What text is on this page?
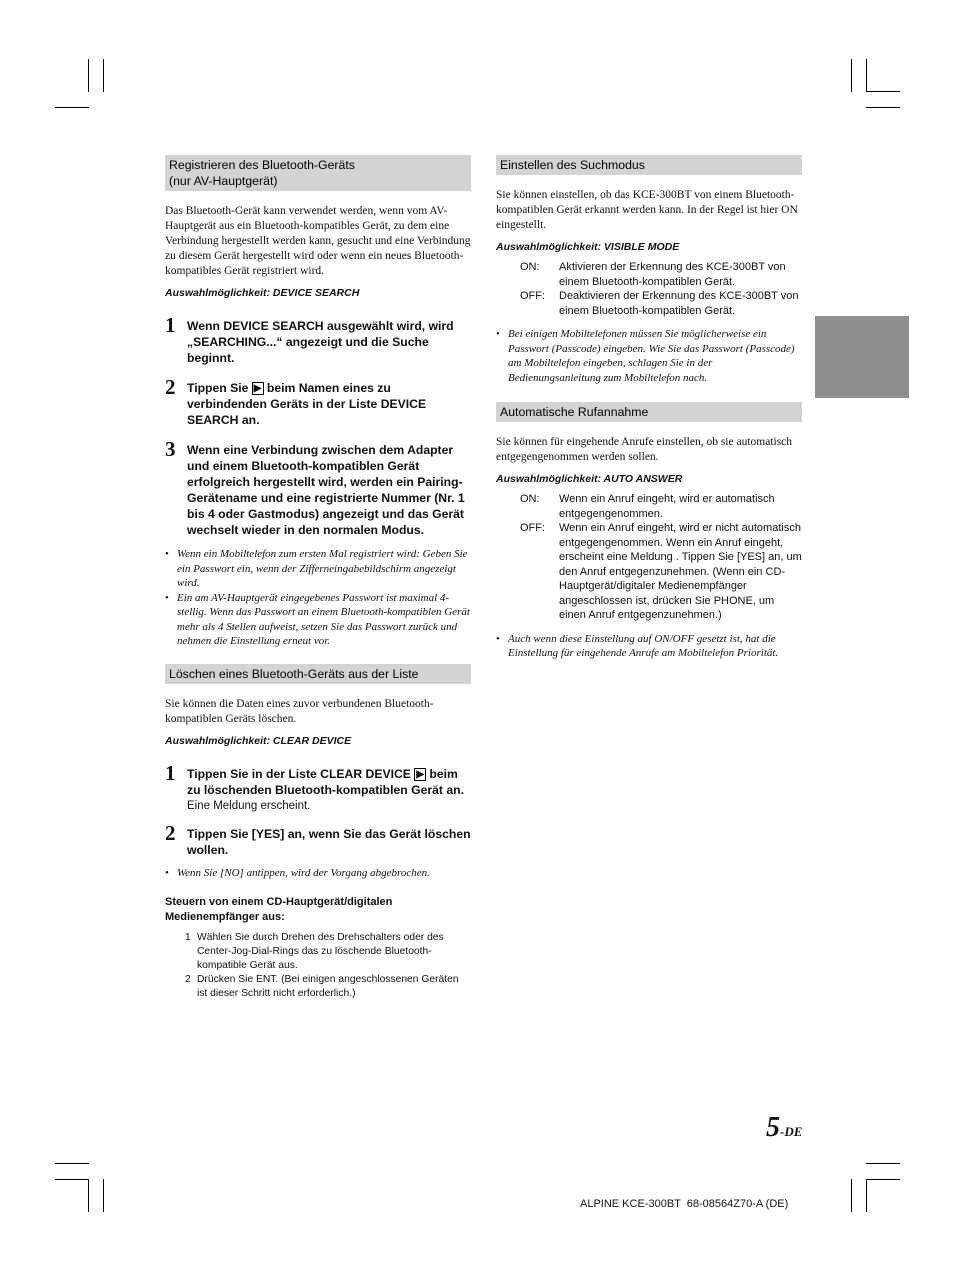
Registrieren des Bluetooth-Geräts
(nur AV-Hauptgerät)
Das Bluetooth-Gerät kann verwendet werden, wenn vom AV-Hauptgerät aus ein Bluetooth-kompatibles Gerät, zu dem eine Verbindung hergestellt werden kann, gesucht und eine Verbindung zu diesem Gerät hergestellt wird oder wenn ein neues Bluetooth-kompatibles Gerät registriert wird.
Auswahlmöglichkeit: DEVICE SEARCH
1 Wenn DEVICE SEARCH ausgewählt wird, wird „SEARCHING...“ angezeigt und die Suche beginnt.
2 Tippen Sie ▶ beim Namen eines zu verbindenden Geräts in der Liste DEVICE SEARCH an.
3 Wenn eine Verbindung zwischen dem Adapter und einem Bluetooth-kompatiblen Gerät erfolgreich hergestellt wird, werden ein Pairing-Gerätename und eine registrierte Nummer (Nr. 1 bis 4 oder Gastmodus) angezeigt und das Gerät wechselt wieder in den normalen Modus.
• Wenn ein Mobiltelefon zum ersten Mal registriert wird: Geben Sie ein Passwort ein, wenn der Zifferneingabebildschirm angezeigt wird.
• Ein am AV-Hauptgerät eingegebenes Passwort ist maximal 4-stellig. Wenn das Passwort an einem Bluetooth-kompatiblen Gerät mehr als 4 Stellen aufweist, setzen Sie das Passwort zurück und nehmen die Einstellung erneut vor.
Löschen eines Bluetooth-Geräts aus der Liste
Sie können die Daten eines zuvor verbundenen Bluetooth-kompatiblen Geräts löschen.
Auswahlmöglichkeit: CLEAR DEVICE
1 Tippen Sie in der Liste CLEAR DEVICE ▶ beim zu löschenden Bluetooth-kompatiblen Gerät an.
Eine Meldung erscheint.
2 Tippen Sie [YES] an, wenn Sie das Gerät löschen wollen.
• Wenn Sie [NO] antippen, wird der Vorgang abgebrochen.
Steuern von einem CD-Hauptgerät/digitalen
Medienempfänger aus:
1 Wählen Sie durch Drehen des Drehschalters oder des Center-Jog-Dial-Rings das zu löschende Bluetooth-kompatible Gerät aus.
2 Drücken Sie ENT. (Bei einigen angeschlossenen Geräten ist dieser Schritt nicht erforderlich.)
Einstellen des Suchmodus
Sie können einstellen, ob das KCE-300BT von einem Bluetooth-kompatiblen Gerät erkannt werden kann. In der Regel ist hier ON eingestellt.
Auswahlmöglichkeit: VISIBLE MODE
ON: Aktivieren der Erkennung des KCE-300BT von einem Bluetooth-kompatiblen Gerät.
OFF: Deaktivieren der Erkennung des KCE-300BT von einem Bluetooth-kompatiblen Gerät.
• Bei einigen Mobiltelefonen müssen Sie möglicherweise ein Passwort (Passcode) eingeben. Wie Sie das Passwort (Passcode) am Mobiltelefon eingeben, schlagen Sie in der Bedienungsanleitung zum Mobiltelefon nach.
Automatische Rufannahme
Sie können für eingehende Anrufe einstellen, ob sie automatisch entgegengenommen werden sollen.
Auswahlmöglichkeit: AUTO ANSWER
ON: Wenn ein Anruf eingeht, wird er automatisch entgegengenommen.
OFF: Wenn ein Anruf eingeht, wird er nicht automatisch entgegengenommen. Wenn ein Anruf eingeht, erscheint eine Meldung . Tippen Sie [YES] an, um den Anruf entgegenzunehmen. (Wenn ein CD-Hauptgerät/digitaler Medienempfänger angeschlossen ist, drücken Sie PHONE, um einen Anruf entgegenzunehmen.)
• Auch wenn diese Einstellung auf ON/OFF gesetzt ist, hat die Einstellung für eingehende Anrufe am Mobiltelefon Priorität.
5-DE
ALPINE KCE-300BT  68-08564Z70-A (DE)
